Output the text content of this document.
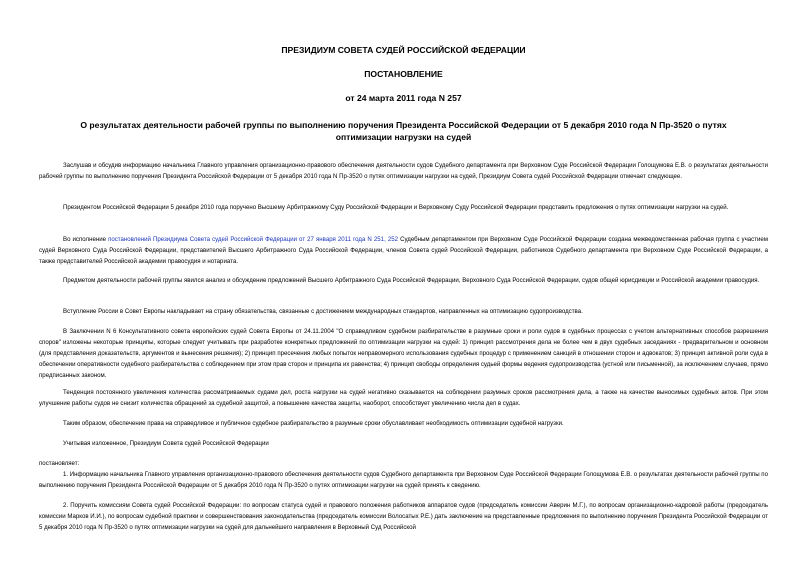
ПРЕЗИДИУМ СОВЕТА СУДЕЙ РОССИЙСКОЙ ФЕДЕРАЦИИ
ПОСТАНОВЛЕНИЕ
от 24 марта 2011 года N 257
О результатах деятельности рабочей группы по выполнению поручения Президента Российской Федерации от 5 декабря 2010 года N Пр-3520 о путях оптимизации нагрузки на судей

Заслушав и обсудив информацию начальника Главного управления организационно-правового обеспечения деятельности судов Судебного департамента при Верховном Суде Российской Федерации Голощумова Е.В. о результатах деятельности рабочей группы по выполнению поручения Президента Российской Федерации от 5 декабря 2010 года N Пр-3520 о путях оптимизации нагрузки на судей, Президиум Совета судей Российской Федерации отмечает следующее.

Президентом Российской Федерации 5 декабря 2010 года поручено Высшему Арбитражному Суду Российской Федерации и Верховному Суду Российской Федерации представить предложения о путях оптимизации нагрузки на судей.

Во исполнение постановлений Президиума Совета судей Российской Федерации от 27 января 2011 года N 251, 252 Судебным департаментом при Верховном Суде Российской Федерации создана межведомственная рабочая группа с участием судей Верховного Суда Российской Федерации, представителей Высшего Арбитражного Суда Российской Федерации, членов Совета судей Российской Федерации, работников Судебного департамента при Верховном Суде Российской Федерации, а также представителей Российской академии правосудия и нотариата.

Предметом деятельности рабочей группы явился анализ и обсуждение предложений Высшего Арбитражного Суда Российской Федерации, Верховного Суда Российской Федерации, судов общей юрисдикции и Российской академии правосудия.

Вступление России в Совет Европы накладывает на страну обязательства, связанные с достижением международных стандартов, направленных на оптимизацию судопроизводства.

В Заключении N 6 Консультативного совета европейских судей Совета Европы от 24.11.2004 "О справедливом судебном разбирательстве в разумные сроки и роли судов в судебных процессах с учетом альтернативных способов разрешения споров" изложены некоторые принципы, которые следует учитывать при разработке конкретных предложений по оптимизации нагрузки на судей: 1) принцип рассмотрения дела не более чем в двух судебных заседаниях - предварительном и основном (для представления доказательств, аргументов и вынесения решения); 2) принцип пресечения любых попыток неправомерного использования судебных процедур с применением санкций в отношении сторон и адвокатов; 3) принцип активной роли суда в обеспечении оперативности судебного разбирательства с соблюдением при этом прав сторон и принципа их равенства; 4) принцип свободы определения судьей формы ведения судопроизводства (устной или письменной), за исключением случаев, прямо предписанных законом.

Тенденция постоянного увеличения количества рассматриваемых судами дел, роста нагрузки на судей негативно сказывается на соблюдении разумных сроков рассмотрения дела, а также на качестве выносимых судебных актов. При этом улучшение работы судов не снизит количества обращений за судебной защитой, а повышение качества защиты, наоборот, способствует увеличению числа дел в судах.

Таким образом, обеспечение права на справедливое и публичное судебное разбирательство в разумные сроки обуславливает необходимость оптимизации судебной нагрузки.

Учитывая изложенное, Президиум Совета судей Российской Федерации

постановляет:

1. Информацию начальника Главного управления организационно-правового обеспечения деятельности судов Судебного департамента при Верховном Суде Российской Федерации Голощумова Е.В. о результатах деятельности рабочей группы по выполнению поручения Президента Российской Федерации от 5 декабря 2010 года N Пр-3520 о путях оптимизации нагрузки на судей принять к сведению.

2. Поручить комиссиям Совета судей Российской Федерации: по вопросам статуса судей и правового положения работников аппаратов судов (председатель комиссии Аверин М.Г.), по вопросам организационно-кадровой работы (председатель комиссии Марков И.И.), по вопросам судебной практики и совершенствования законодательства (председатель комиссии Волосатых Р.Е.) дать заключение на представленные предложения по выполнению поручения Президента Российской Федерации от 5 декабря 2010 года N Пр-3520 о путях оптимизации нагрузки на судей для дальнейшего направления в Верховный Суд Российской
